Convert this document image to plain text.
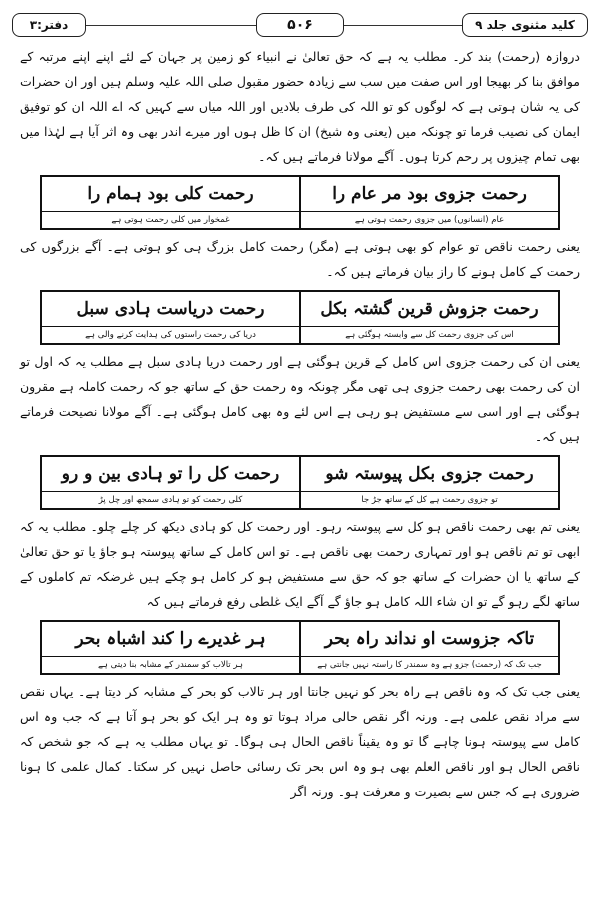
کلید مثنوی جلد ۹
۵۰۶
دفتر:۳

دروازہ (رحمت) بند کر۔ مطلب یہ ہے کہ حق تعالیٰ نے انبیاء کو زمین پر جہان کے لئے اپنے اپنے مرتبہ کے موافق بنا کر بھیجا اور اس صفت میں سب سے زیادہ حضور مقبول صلی اللہ علیہ وسلم ہیں اور ان حضرات کی یہ شان ہوتی ہے کہ لوگوں کو تو اللہ کی طرف بلادیں اور اللہ میاں سے کہیں کہ اے اللہ ان کو توفیق ایمان کی نصیب فرما تو چونکہ میں (یعنی وہ شیخ) ان کا ظل ہوں اور میرے اندر بھی وہ اثر آیا ہے لہٰذا میں بھی تمام چیزوں پر رحم کرتا ہوں۔ آگے مولانا فرماتے ہیں کہ۔

رحمت جزوی بود مر عام را
رحمت کلی بود ہمام را
عام (انسانوں) میں جزوی رحمت ہوتی ہے
غمخوار میں کلی رحمت ہوتی ہے

یعنی رحمت ناقص تو عوام کو بھی ہوتی ہے (مگر) رحمت کامل بزرگ ہی کو ہوتی ہے۔ آگے بزرگوں کی رحمت کے کامل ہونے کا راز بیان فرماتے ہیں کہ۔

رحمت جزوش قرین گشتہ بکل
رحمت دریاست ہادی سبل
اس کی جزوی رحمت کل سے وابستہ ہوگئی ہے
دریا کی رحمت راستوں کی ہدایت کرنے والی ہے

یعنی ان کی رحمت جزوی اس کامل کے قرین ہوگئی ہے اور رحمت دریا ہادی سبل ہے مطلب یہ کہ اول تو ان کی رحمت بھی رحمت جزوی ہی تھی مگر چونکہ وہ رحمت حق کے ساتھ جو کہ رحمت کاملہ ہے مقرون ہوگئی ہے اور اسی سے مستفیض ہو رہی ہے اس لئے وہ بھی کامل ہوگئی ہے۔ آگے مولانا نصیحت فرماتے ہیں کہ۔

رحمت جزوی بکل پیوستہ شو
رحمت کل را تو ہادی بین و رو
تو جزوی رحمت ہے کل کے ساتھ جڑ جا
کلی رحمت کو تو ہادی سمجھ اور چل پڑ

یعنی تم بھی رحمت ناقص ہو کل سے پیوستہ رہو۔ اور رحمت کل کو ہادی دیکھ کر چلے چلو۔ مطلب یہ کہ ابھی تو تم ناقص ہو اور تمہاری رحمت بھی ناقص ہے۔ تو اس کامل کے ساتھ پیوستہ ہو جاؤ یا تو حق تعالیٰ کے ساتھ یا ان حضرات کے ساتھ جو کہ حق سے مستفیض ہو کر کامل ہو چکے ہیں غرضکہ تم کاملوں کے ساتھ لگے رہو گے تو ان شاء اللہ کامل ہو جاؤ گے آگے ایک غلطی رفع فرماتے ہیں کہ

تاکہ جزوست او نداند راہ بحر
ہر غدیرے را کند اشباہ بحر
جب تک کہ (رحمت) جزو ہے وہ سمندر کا راستہ نہیں جانتی ہے
ہر تالاب کو سمندر کے مشابہ بنا دیتی ہے

یعنی جب تک کہ وہ ناقص ہے راہ بحر کو نہیں جانتا اور ہر تالاب کو بحر کے مشابہ کر دیتا ہے۔ یہاں نقص سے مراد نقص علمی ہے۔ ورنہ اگر نقص حالی مراد ہوتا تو وہ ہر ایک کو بحر ہو آتا ہے کہ جب وہ اس کامل سے پیوستہ ہونا چاہے گا تو وہ یقیناً ناقص الحال ہی ہوگا۔ تو یہاں مطلب یہ ہے کہ جو شخص کہ ناقص الحال ہو اور ناقص العلم بھی ہو وہ اس بحر تک رسائی حاصل نہیں کر سکتا۔ کمال علمی کا ہونا ضروری ہے کہ جس سے بصیرت و معرفت ہو۔ ورنہ اگر
